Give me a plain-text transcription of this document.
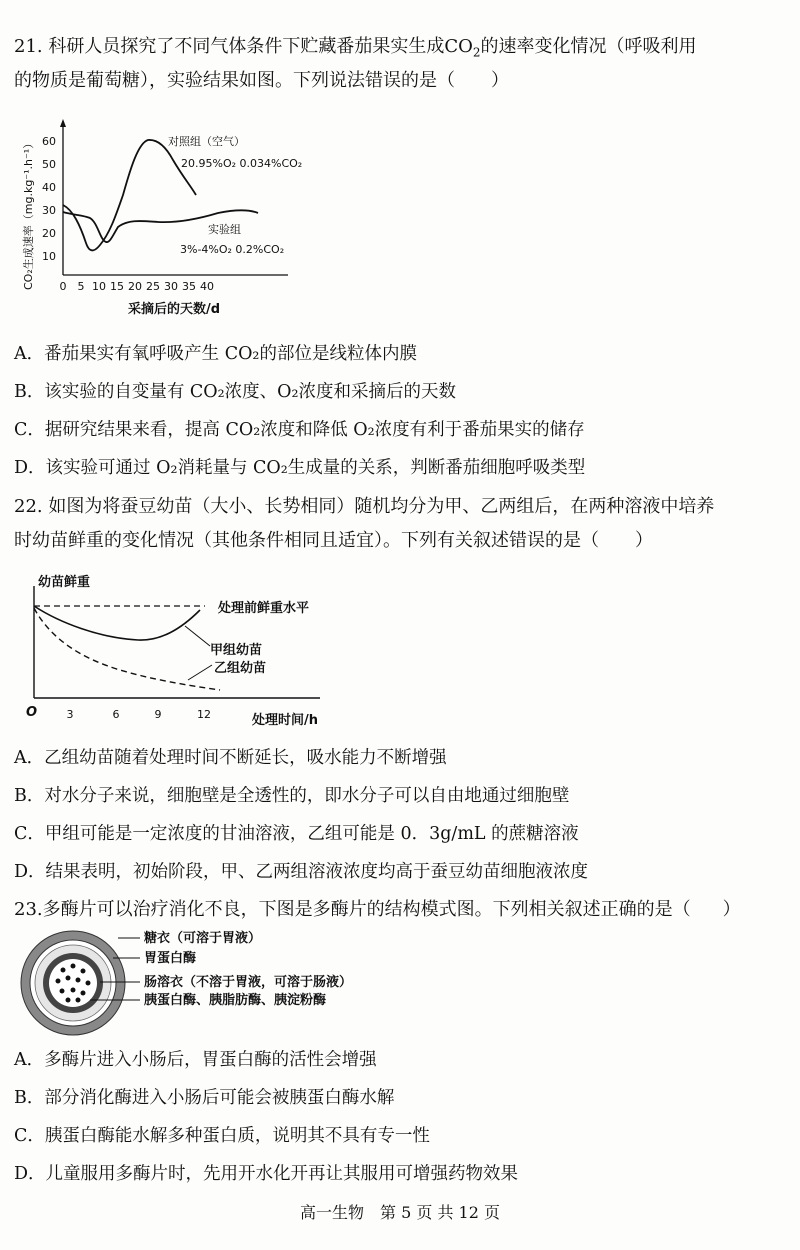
21. 科研人员探究了不同气体条件下贮藏番茄果实生成$CO_2$的速率变化情况（呼吸利用
的物质是葡萄糖），实验结果如图。下列说法错误的是（ ）
60
50
40
30
20
10
0 5 10 15 20 25 30 35 40
CO₂生成速率（mg.kg⁻¹.h⁻¹）
采摘后的天数/d
对照组（空气）
20.95%O₂ 0.034%CO₂
实验组
3%-4%O₂ 0.2%CO₂
A．番茄果实有氧呼吸产生 CO₂的部位是线粒体内膜
B．该实验的自变量有 CO₂浓度、O₂浓度和采摘后的天数
C．据研究结果来看，提高 CO₂浓度和降低 O₂浓度有利于番茄果实的储存
D．该实验可通过 O₂消耗量与 CO₂生成量的关系，判断番茄细胞呼吸类型
22. 如图为将蚕豆幼苗（大小、长势相同）随机均分为甲、乙两组后，在两种溶液中培养
时幼苗鲜重的变化情况（其他条件相同且适宜）。下列有关叙述错误的是（ ）
幼苗鲜重
O	3	6	9	12	处理时间/h
处理前鲜重水平
甲组幼苗
乙组幼苗
A．乙组幼苗随着处理时间不断延长，吸水能力不断增强
B．对水分子来说，细胞壁是全透性的，即水分子可以自由地通过细胞壁
C．甲组可能是一定浓度的甘油溶液，乙组可能是 0．3g/mL 的蔗糖溶液
D．结果表明，初始阶段，甲、乙两组溶液浓度均高于蚕豆幼苗细胞液浓度
23.多酶片可以治疗消化不良，下图是多酶片的结构模式图。下列相关叙述正确的是（ ）
糖衣（可溶于胃液）
胃蛋白酶
肠溶衣（不溶于胃液，可溶于肠液）
胰蛋白酶、胰脂肪酶、胰淀粉酶
A．多酶片进入小肠后，胃蛋白酶的活性会增强
B．部分消化酶进入小肠后可能会被胰蛋白酶水解
C．胰蛋白酶能水解多种蛋白质，说明其不具有专一性
D．儿童服用多酶片时，先用开水化开再让其服用可增强药物效果
高一生物　第 5 页 共 12 页
